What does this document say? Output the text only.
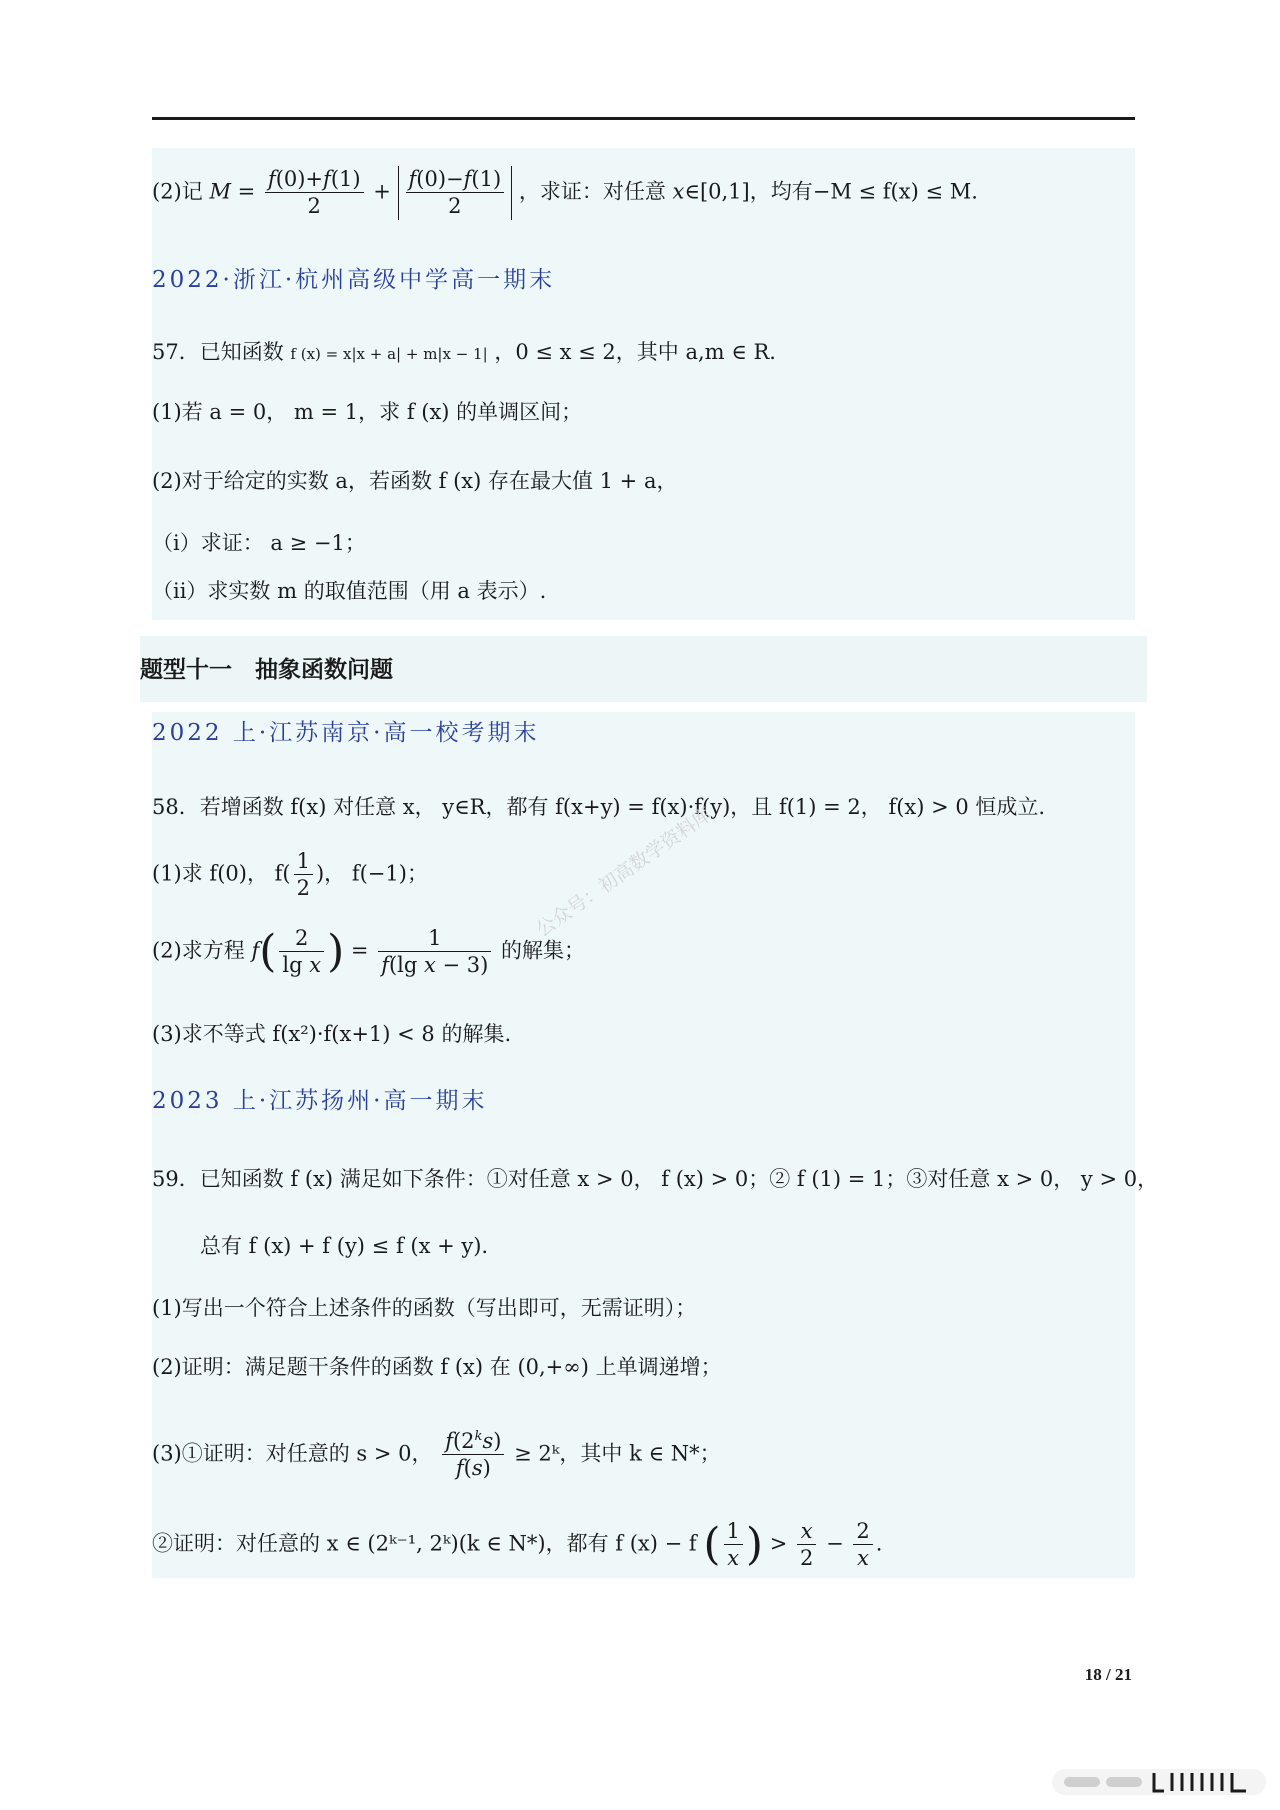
(2)记 $M = \frac{f(0)+f(1)}{2} + \frac{f(0)-f(1)}{2}$ ，求证：对任意 x∈[0,1]，均有−M ≤ f(x) ≤ M.
2022·浙江·杭州高级中学高一期末
57．已知函数 f (x) = x|x + a| + m|x − 1| ，0 ≤ x ≤ 2，其中 a,m ∈ R.
(1)若 a = 0， m = 1，求 f (x) 的单调区间；
(2)对于给定的实数 a，若函数 f (x) 存在最大值 1 + a，
（i）求证： a ≥ −1；
（ii）求实数 m 的取值范围（用 a 表示）.
题型十一　抽象函数问题
2022 上·江苏南京·高一校考期末
58．若增函数 f(x) 对任意 x， y∈R，都有 f(x+y) = f(x)·f(y)，且 f(1) = 2， f(x) > 0 恒成立.
(1)求 f(0)， $f( \frac{1}{2}$ )， f(−1)；
(2)求方程 $f( \frac{2}{\text{lg x}}$ ) = $\frac{1}{\text{f(lg x − 3)}}$ 的解集；
(3)求不等式 f(x²)·f(x+1) < 8 的解集.
2023 上·江苏扬州·高一期末
59．已知函数 f (x) 满足如下条件：①对任意 x > 0， f (x) > 0；② f (1) = 1；③对任意 x > 0， y > 0，
总有 f (x) + f (y) ≤ f (x + y).
(1)写出一个符合上述条件的函数（写出即可，无需证明）；
(2)证明：满足题干条件的函数 f (x) 在 (0,+∞) 上单调递增；
(3)①证明：对任意的 s > 0， $\frac{f(2^ks)}{f(s)}$ ≥ 2ᵏ，其中 k ∈ N*；
②证明：对任意的 x ∈ (2ᵏ⁻¹, 2ᵏ)(k ∈ N*)，都有 f (x) − f ( $\frac{1}{x}$ ) > $\frac{x}{2} - \frac{2}{x}$ .
公众号：初高数学资料库
18 / 21
